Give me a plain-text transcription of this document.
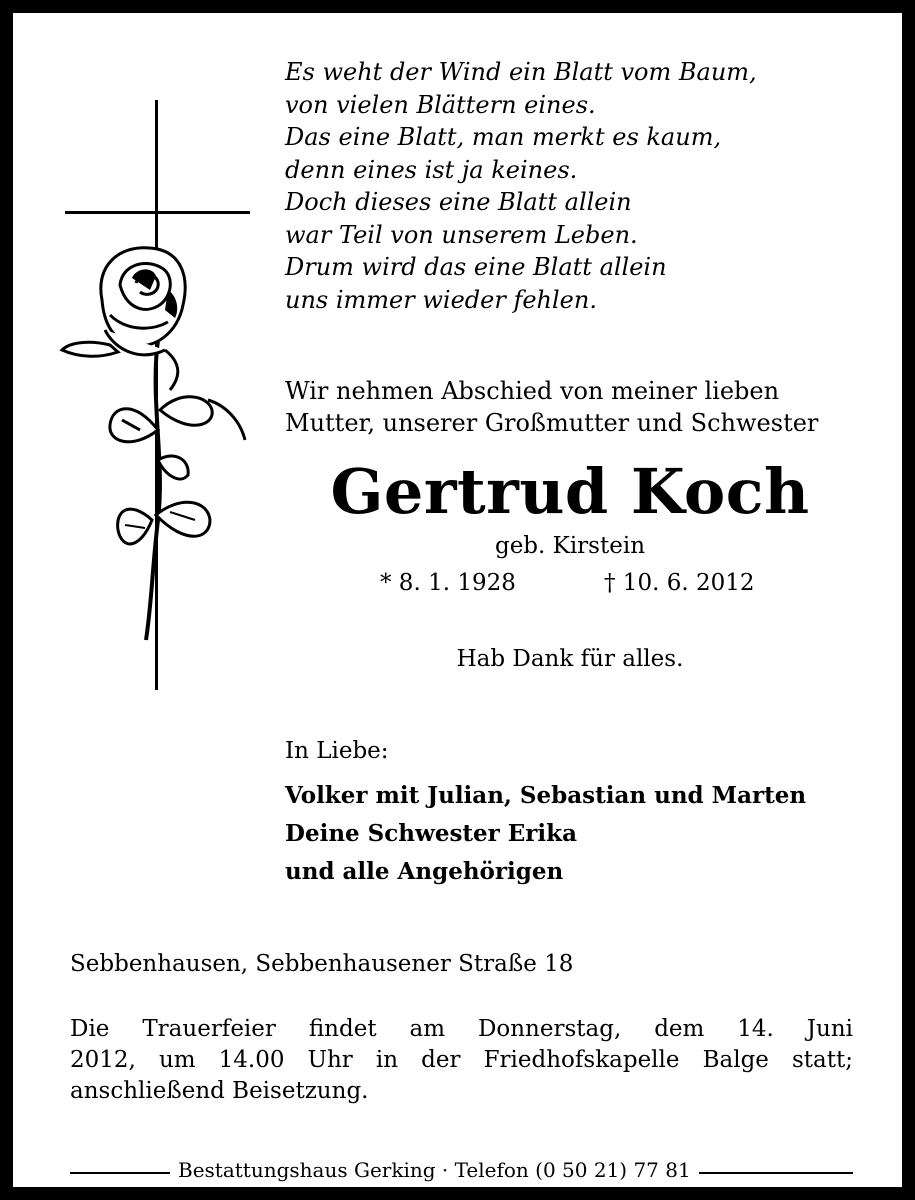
Es weht der Wind ein Blatt vom Baum,
von vielen Blättern eines.
Das eine Blatt, man merkt es kaum,
denn eines ist ja keines.
Doch dieses eine Blatt allein
war Teil von unserem Leben.
Drum wird das eine Blatt allein
uns immer wieder fehlen.
Wir nehmen Abschied von meiner lieben
Mutter, unserer Großmutter und Schwester
Gertrud Koch
geb. Kirstein
* 8. 1. 1928	† 10. 6. 2012
Hab Dank für alles.
In Liebe:
Volker mit Julian, Sebastian und Marten
Deine Schwester Erika
und alle Angehörigen
Sebbenhausen, Sebbenhausener Straße 18
Die Trauerfeier findet am Donnerstag, dem 14. Juni
2012, um 14.00 Uhr in der Friedhofskapelle Balge statt;
anschließend Beisetzung.
Bestattungshaus Gerking · Telefon (0 50 21) 77 81
